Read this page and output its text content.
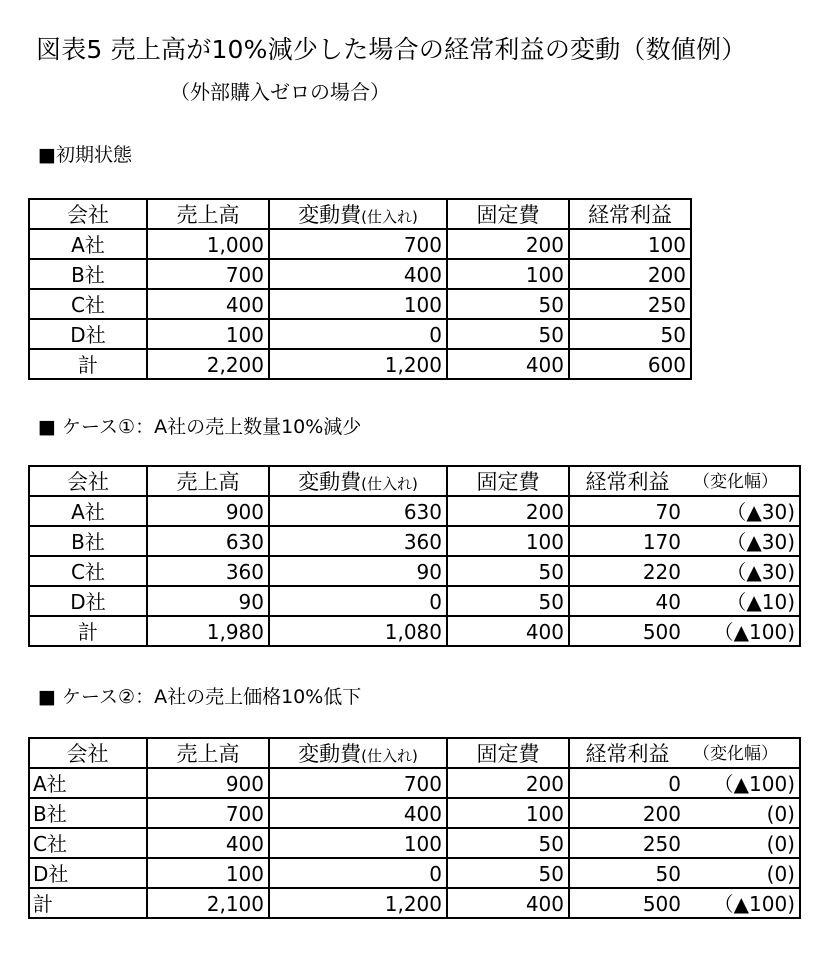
図表5 売上高が10%減少した場合の経常利益の変動（数値例）
（外部購入ゼロの場合）
■初期状態
会社	売上高	変動費(仕入れ)	固定費	経常利益
A社	1,000	700	200	100
B社	700	400	100	200
C社	400	100	50	250
D社	100	0	50	50
計	2,200	1,200	400	600
■ ケース①：A社の売上数量10%減少
会社	売上高	変動費(仕入れ)	固定費	経常利益	（変化幅）
A社	900	630	200	70	（▲30)
B社	630	360	100	170	（▲30)
C社	360	90	50	220	（▲30)
D社	90	0	50	40	（▲10)
計	1,980	1,080	400	500	（▲100)
■ ケース②：A社の売上価格10%低下
会社	売上高	変動費(仕入れ)	固定費	経常利益	（変化幅）
A社	900	700	200	0	（▲100)
B社	700	400	100	200	(0)
C社	400	100	50	250	(0)
D社	100	0	50	50	(0)
計	2,100	1,200	400	500	（▲100)
